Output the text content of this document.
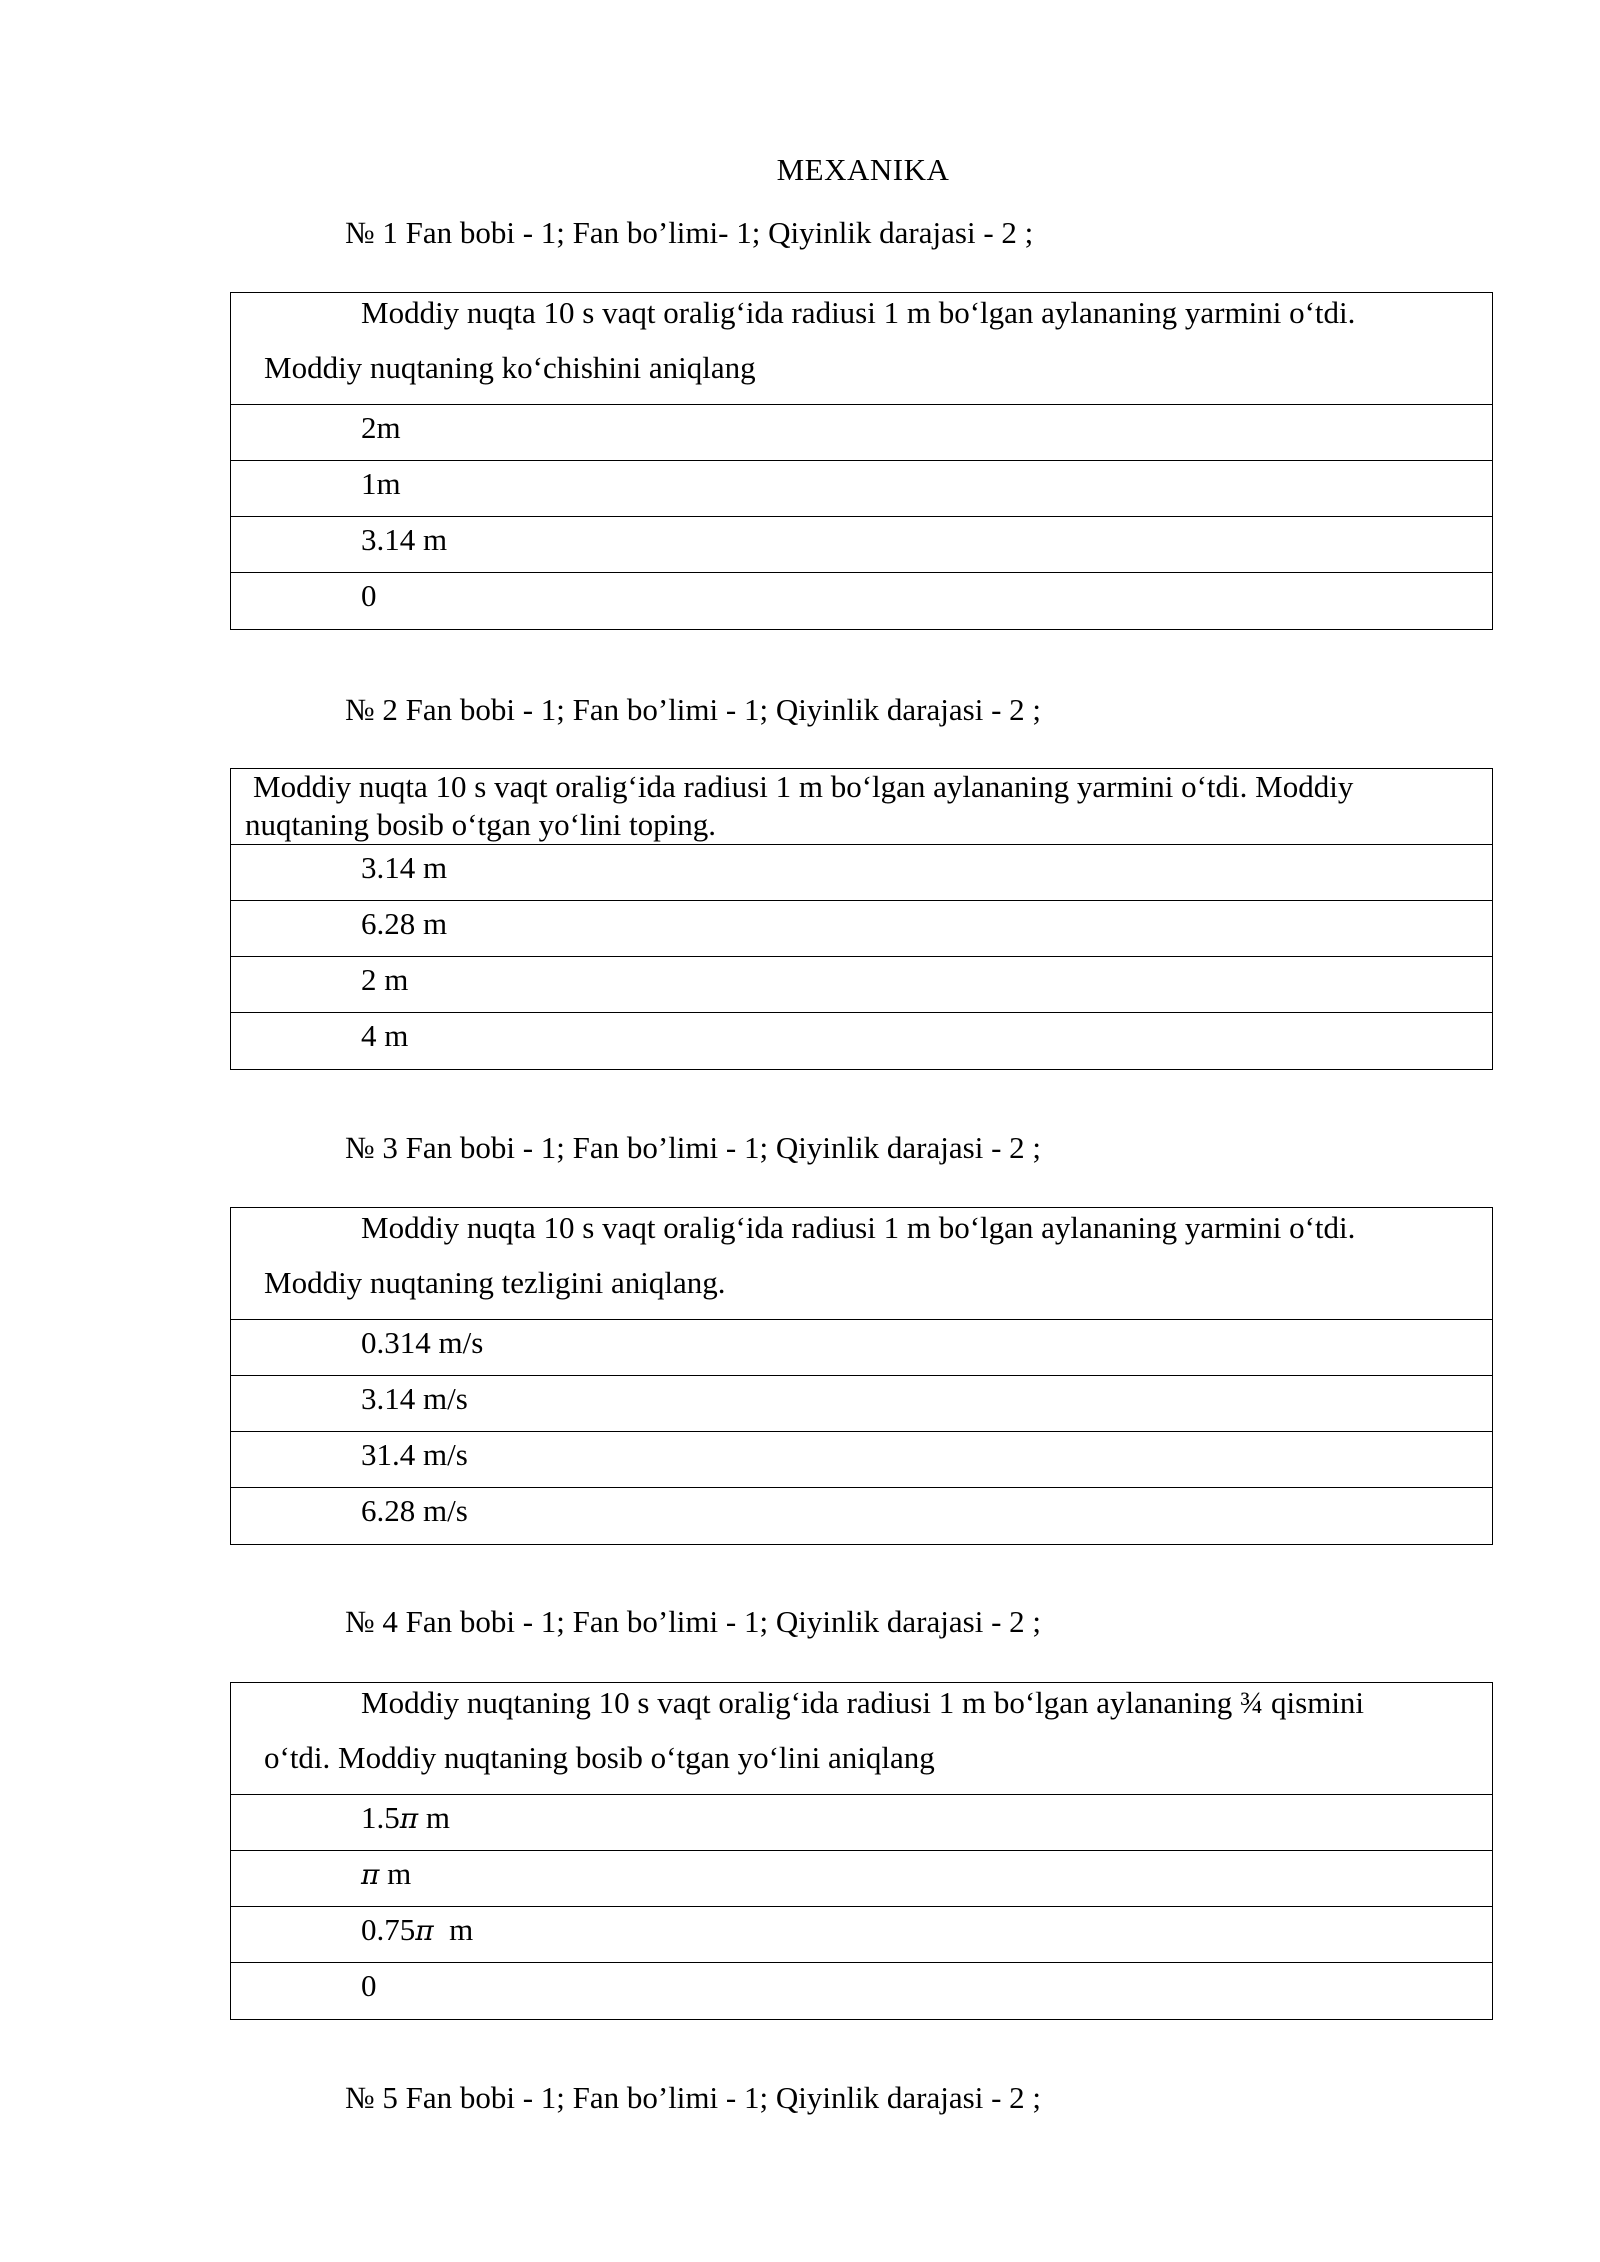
MEXANIKA
№ 1 Fan bobi - 1; Fan bo’limi- 1; Qiyinlik darajasi - 2 ;
Moddiy nuqta 10 s vaqt oralig‘ida radiusi 1 m bo‘lgan aylananing yarmini o‘tdi.
Moddiy nuqtaning ko‘chishini aniqlang
2m
1m
3.14 m
0
№ 2 Fan bobi - 1; Fan bo’limi - 1; Qiyinlik darajasi - 2 ;
Moddiy nuqta 10 s vaqt oralig‘ida radiusi 1 m bo‘lgan aylananing yarmini o‘tdi. Moddiy
nuqtaning bosib o‘tgan yo‘lini toping.
3.14 m
6.28 m
2 m
4 m
№ 3 Fan bobi - 1; Fan bo’limi - 1; Qiyinlik darajasi - 2 ;
Moddiy nuqta 10 s vaqt oralig‘ida radiusi 1 m bo‘lgan aylananing yarmini o‘tdi.
Moddiy nuqtaning tezligini aniqlang.
0.314 m/s
3.14 m/s
31.4 m/s
6.28 m/s
№ 4 Fan bobi - 1; Fan bo’limi - 1; Qiyinlik darajasi - 2 ;
Moddiy nuqtaning 10 s vaqt oralig‘ida radiusi 1 m bo‘lgan aylananing ¾ qismini
o‘tdi. Moddiy nuqtaning bosib o‘tgan yo‘lini aniqlang
1.5π m
π m
0.75π  m
0
№ 5 Fan bobi - 1; Fan bo’limi - 1; Qiyinlik darajasi - 2 ;
